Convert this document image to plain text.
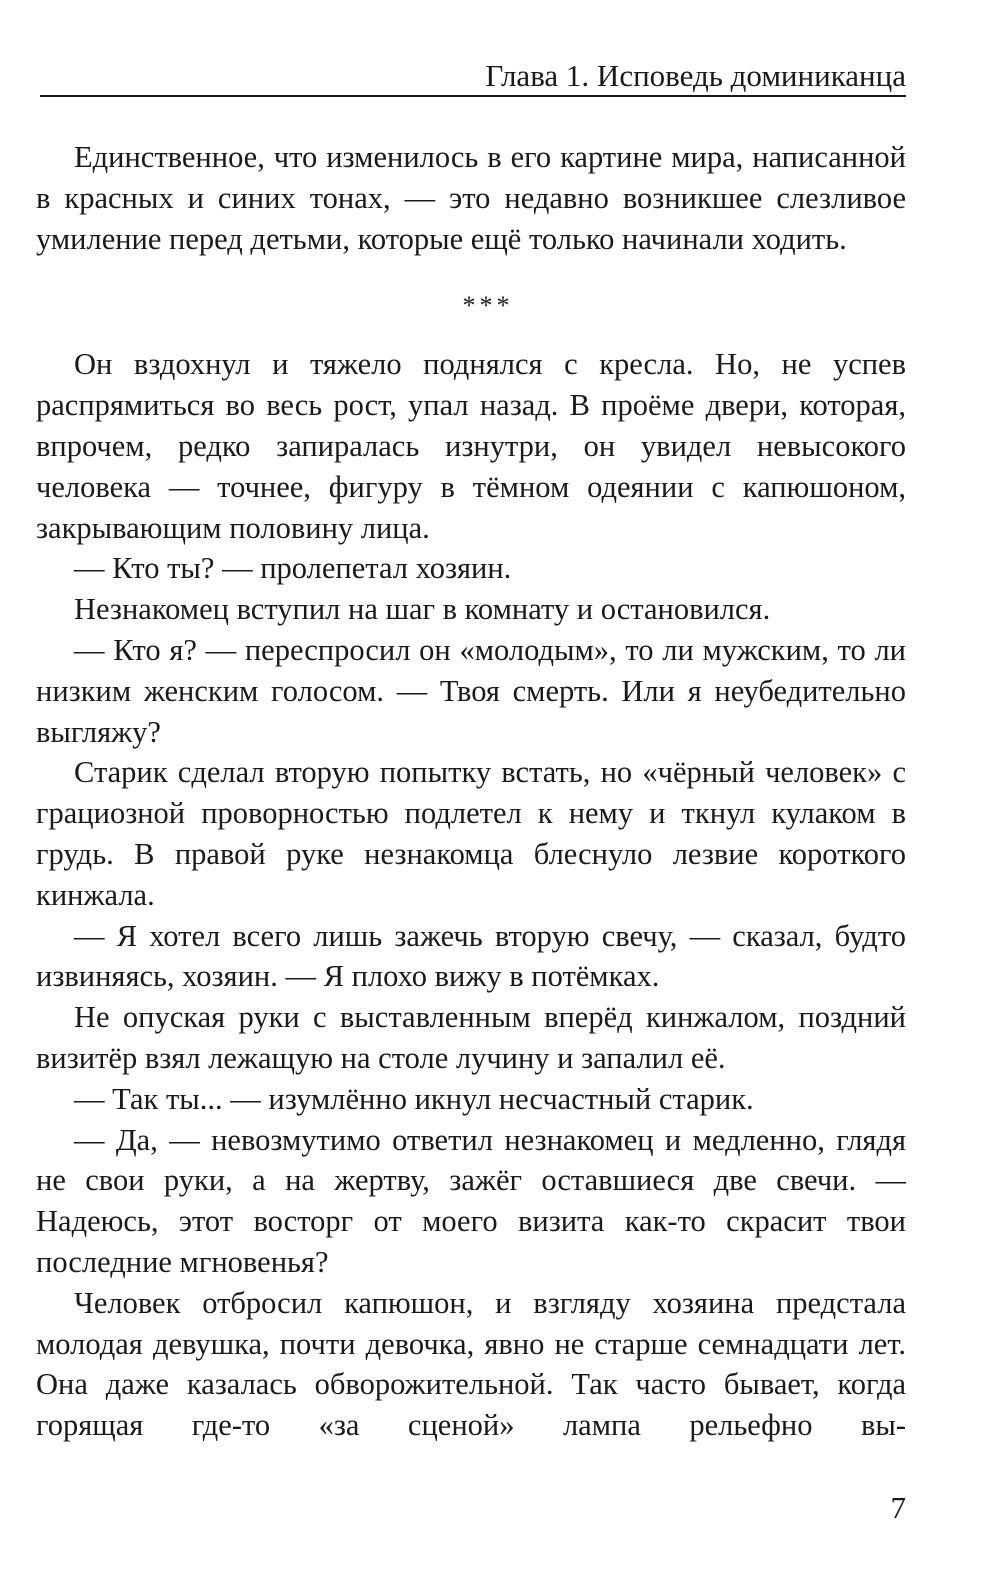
Глава 1. Исповедь доминиканца

Единственное, что изменилось в его картине мира, написанной в красных и синих тонах, — это недавно возникшее слезливое умиление перед детьми, которые ещё только начинали ходить.

***

Он вздохнул и тяжело поднялся с кресла. Но, не успев распрямиться во весь рост, упал назад. В проёме двери, которая, впрочем, редко запиралась изнутри, он увидел невысокого человека — точнее, фигуру в тёмном одеянии с капюшоном, закрывающим половину лица.

— Кто ты? — пролепетал хозяин.

Незнакомец вступил на шаг в комнату и остановился.

— Кто я? — переспросил он «молодым», то ли мужским, то ли низким женским голосом. — Твоя смерть. Или я неубедительно выгляжу?

Старик сделал вторую попытку встать, но «чёрный человек» с грациозной проворностью подлетел к нему и ткнул кулаком в грудь. В правой руке незнакомца блеснуло лезвие короткого кинжала.

— Я хотел всего лишь зажечь вторую свечу, — сказал, будто извиняясь, хозяин. — Я плохо вижу в потёмках.

Не опуская руки с выставленным вперёд кинжалом, поздний визитёр взял лежащую на столе лучину и запалил её.

— Так ты... — изумлённо икнул несчастный старик.

— Да, — невозмутимо ответил незнакомец и медленно, глядя не свои руки, а на жертву, зажёг оставшиеся две свечи. — Надеюсь, этот восторг от моего визита как-то скрасит твои последние мгновенья?

Человек отбросил капюшон, и взгляду хозяина предстала молодая девушка, почти девочка, явно не старше семнадцати лет. Она даже казалась обворожительной. Так часто бывает, когда горящая где-то «за сценой» лампа рельефно вы-

7
